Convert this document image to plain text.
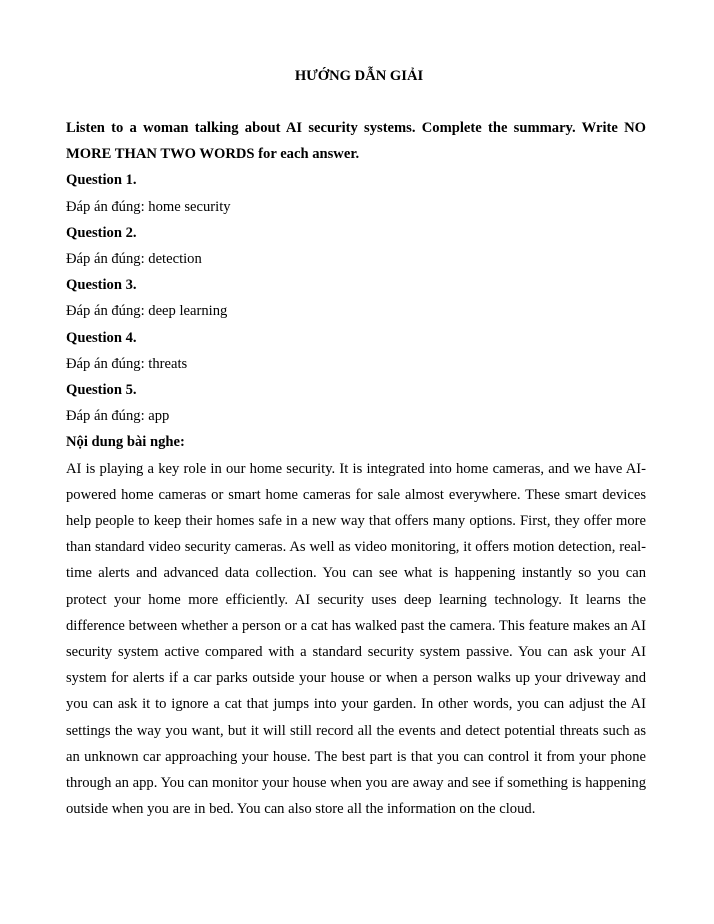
HƯỚNG DẪN GIẢI

Listen to a woman talking about AI security systems. Complete the summary. Write NO MORE THAN TWO WORDS for each answer.

Question 1.

Đáp án đúng: home security

Question 2.

Đáp án đúng: detection

Question 3.

Đáp án đúng: deep learning

Question 4.

Đáp án đúng: threats

Question 5.

Đáp án đúng: app

Nội dung bài nghe:

AI is playing a key role in our home security. It is integrated into home cameras, and we have AI-powered home cameras or smart home cameras for sale almost everywhere. These smart devices help people to keep their homes safe in a new way that offers many options. First, they offer more than standard video security cameras. As well as video monitoring, it offers motion detection, real-time alerts and advanced data collection. You can see what is happening instantly so you can protect your home more efficiently. AI security uses deep learning technology. It learns the difference between whether a person or a cat has walked past the camera. This feature makes an AI security system active compared with a standard security system passive. You can ask your AI system for alerts if a car parks outside your house or when a person walks up your driveway and you can ask it to ignore a cat that jumps into your garden. In other words, you can adjust the AI settings the way you want, but it will still record all the events and detect potential threats such as an unknown car approaching your house. The best part is that you can control it from your phone through an app. You can monitor your house when you are away and see if something is happening outside when you are in bed. You can also store all the information on the cloud.
